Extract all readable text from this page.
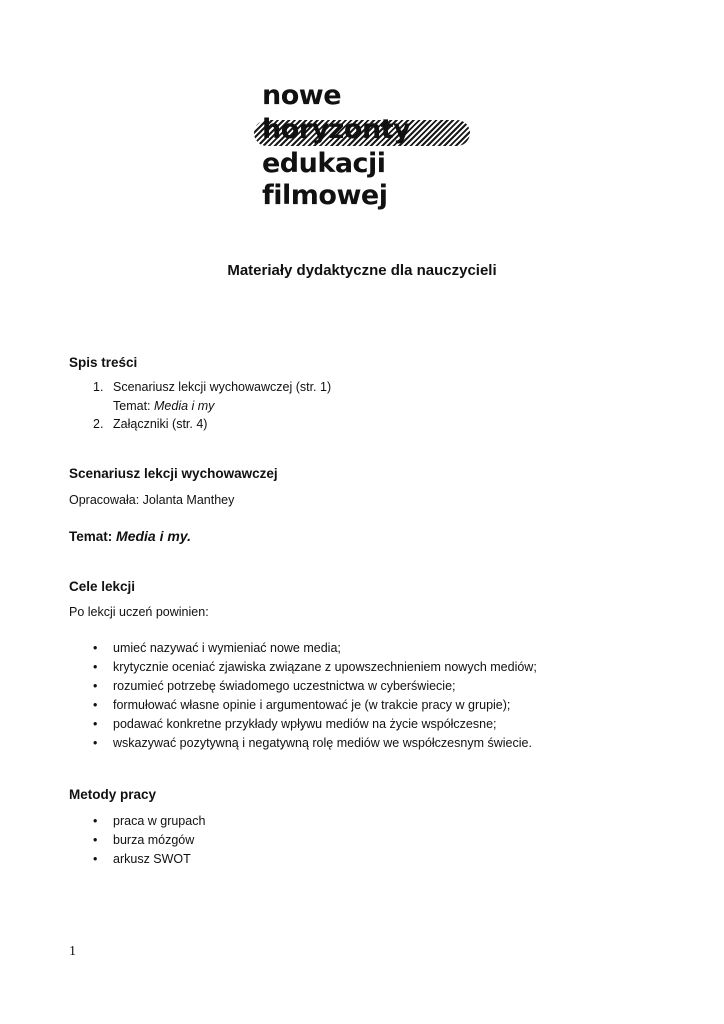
nowe
horyzonty
edukacji
filmowej
Materiały dydaktyczne dla nauczycieli
Spis treści
1. Scenariusz lekcji wychowawczej (str. 1)
Temat: Media i my
2. Załączniki (str. 4)
Scenariusz lekcji wychowawczej
Opracowała: Jolanta Manthey
Temat: Media i my.
Cele lekcji
Po lekcji uczeń powinien:
• umieć nazywać i wymieniać nowe media;
• krytycznie oceniać zjawiska związane z upowszechnieniem nowych mediów;
• rozumieć potrzebę świadomego uczestnictwa w cyberświecie;
• formułować własne opinie i argumentować je (w trakcie pracy w grupie);
• podawać konkretne przykłady wpływu mediów na życie współczesne;
• wskazywać pozytywną i negatywną rolę mediów we współczesnym świecie.
Metody pracy
• praca w grupach
• burza mózgów
• arkusz SWOT
1
